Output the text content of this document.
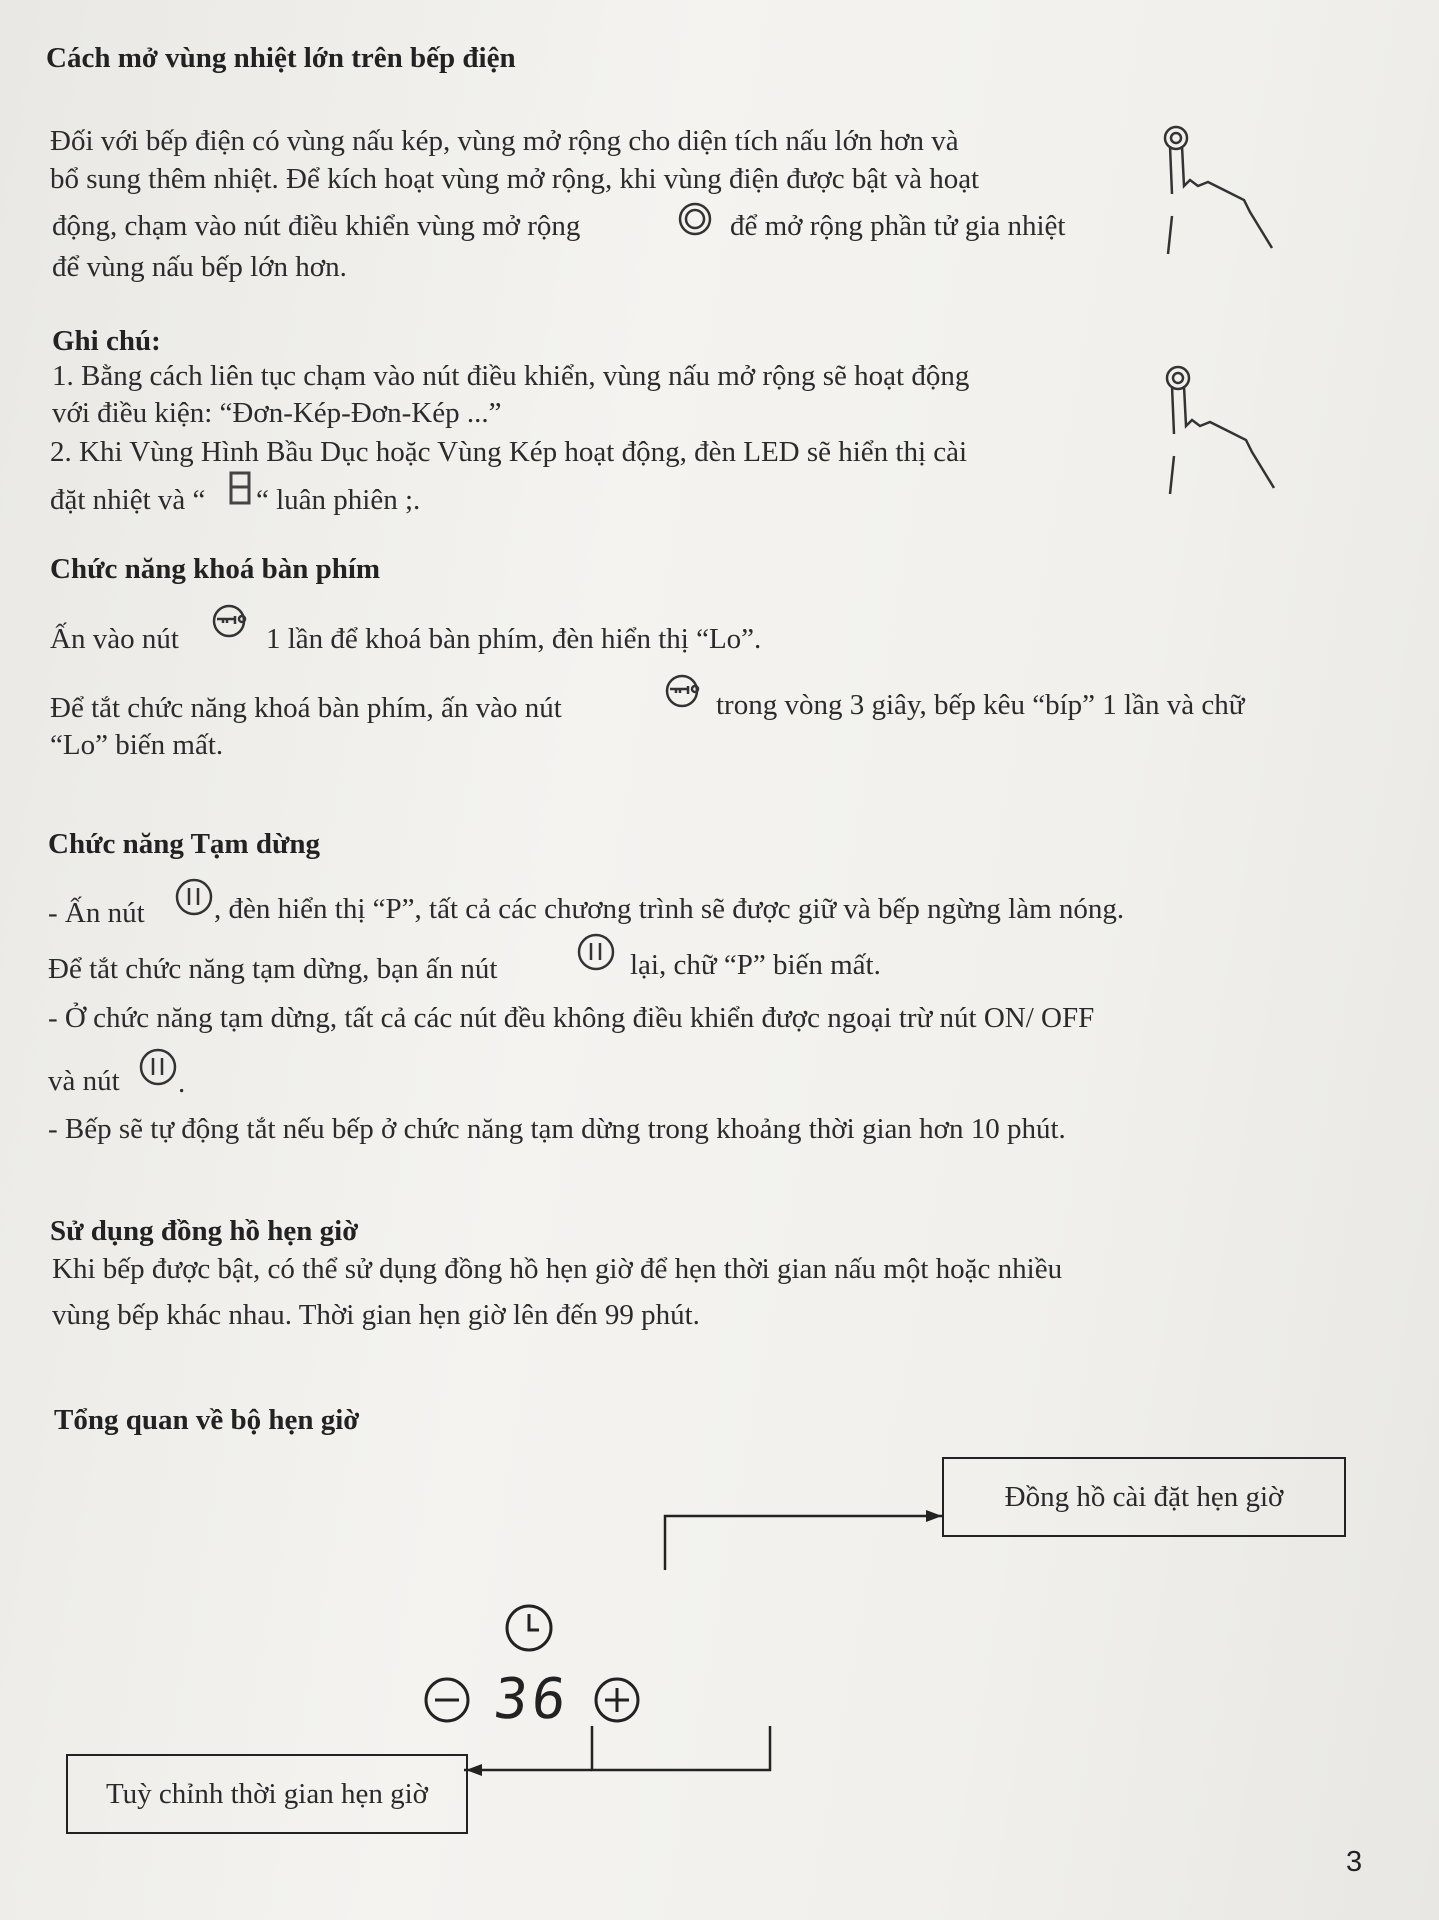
Cách mở vùng nhiệt lớn trên bếp điện
Đối với bếp điện có vùng nấu kép, vùng mở rộng cho diện tích nấu lớn hơn và
bổ sung thêm nhiệt. Để kích hoạt vùng mở rộng, khi vùng điện được bật và hoạt
động, chạm vào nút điều khiển vùng mở rộng	để mở rộng phần tử gia nhiệt
để vùng nấu bếp lớn hơn.
Ghi chú:
1. Bằng cách liên tục chạm vào nút điều khiển, vùng nấu mở rộng sẽ hoạt động
với điều kiện: “Đơn-Kép-Đơn-Kép ...”
2. Khi Vùng Hình Bầu Dục hoặc Vùng Kép hoạt động, đèn LED sẽ hiển thị cài
đặt nhiệt và “ “ luân phiên ;.
Chức năng khoá bàn phím
Ấn vào nút	1 lần để khoá bàn phím, đèn hiển thị “Lo”.
Để tắt chức năng khoá bàn phím, ấn vào nút	trong vòng 3 giây, bếp kêu “bíp” 1 lần và chữ
“Lo” biến mất.
Chức năng Tạm dừng
- Ấn nút , đèn hiển thị “P”, tất cả các chương trình sẽ được giữ và bếp ngừng làm nóng.
Để tắt chức năng tạm dừng, bạn ấn nút	lại, chữ “P” biến mất.
- Ở chức năng tạm dừng, tất cả các nút đều không điều khiển được ngoại trừ nút ON/ OFF
và nút .
- Bếp sẽ tự động tắt nếu bếp ở chức năng tạm dừng trong khoảng thời gian hơn 10 phút.
Sử dụng đồng hồ hẹn giờ
Khi bếp được bật, có thể sử dụng đồng hồ hẹn giờ để hẹn thời gian nấu một hoặc nhiều
vùng bếp khác nhau. Thời gian hẹn giờ lên đến 99 phút.
Tổng quan về bộ hẹn giờ
Đồng hồ cài đặt hẹn giờ
Tuỳ chỉnh thời gian hẹn giờ
36
3
